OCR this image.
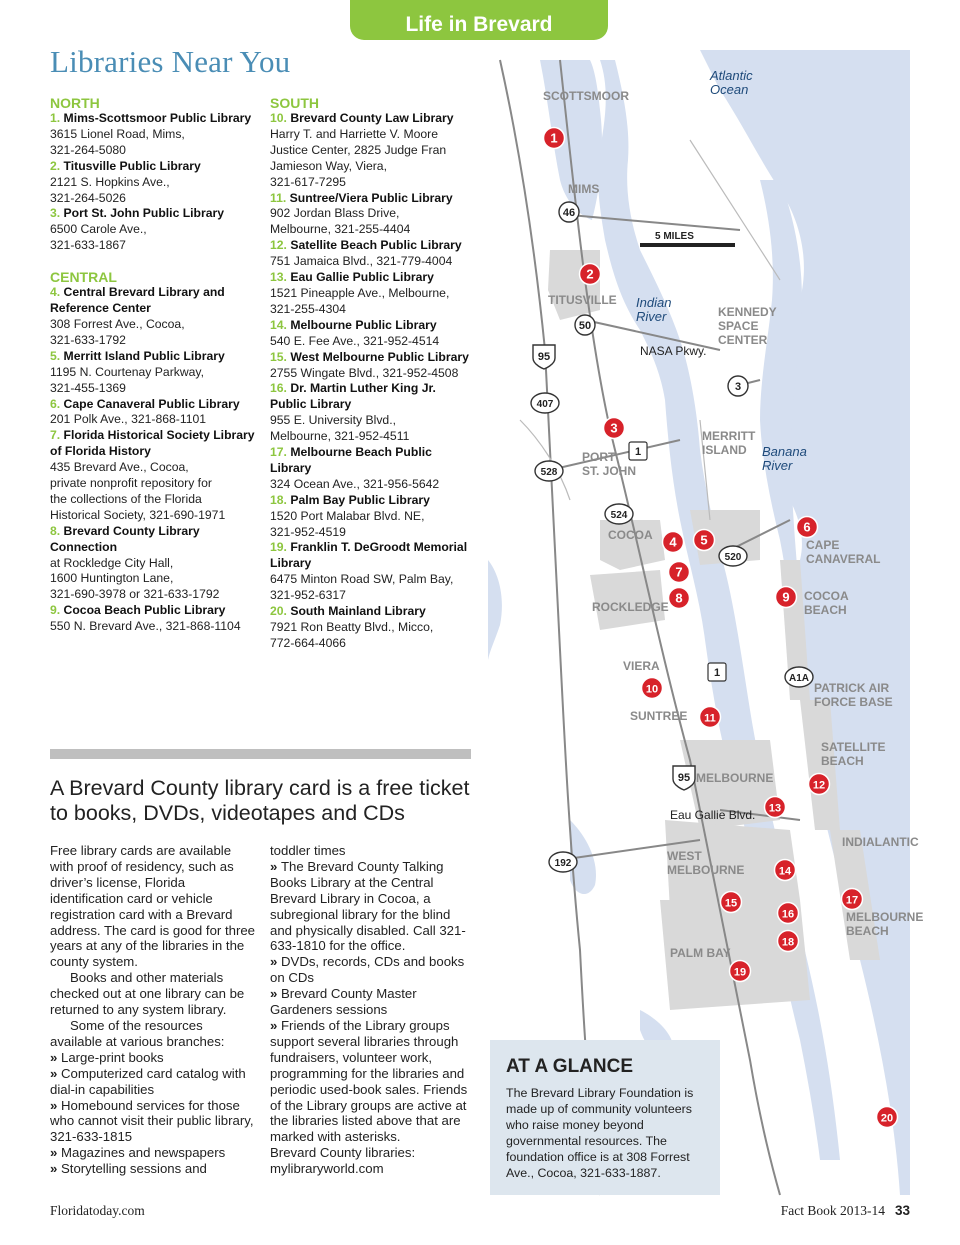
Life in Brevard
Libraries Near You
NORTH
1. Mims-Scottsmoor Public Library
3615 Lionel Road, Mims,
321-264-5080
2. Titusville Public Library
2121 S. Hopkins Ave.,
321-264-5026
3. Port St. John Public Library
6500 Carole Ave.,
321-633-1867
CENTRAL
4. Central Brevard Library and Reference Center
308 Forrest Ave., Cocoa,
321-633-1792
5. Merritt Island Public Library
1195 N. Courtenay Parkway,
321-455-1369
6. Cape Canaveral Public Library
201 Polk Ave., 321-868-1101
7. Florida Historical Society Library of Florida History
435 Brevard Ave., Cocoa,
private nonprofit repository for
the collections of the Florida
Historical Society, 321-690-1971
8. Brevard County Library Connection
at Rockledge City Hall,
1600 Huntington Lane,
321-690-3978 or 321-633-1792
9. Cocoa Beach Public Library
550 N. Brevard Ave., 321-868-1104
SOUTH
10. Brevard County Law Library
Harry T. and Harriette V. Moore
Justice Center, 2825 Judge Fran
Jamieson Way, Viera,
321-617-7295
11. Suntree/Viera Public Library
902 Jordan Blass Drive,
Melbourne, 321-255-4404
12. Satellite Beach Public Library
751 Jamaica Blvd., 321-779-4004
13. Eau Gallie Public Library
1521 Pineapple Ave., Melbourne,
321-255-4304
14. Melbourne Public Library
540 E. Fee Ave., 321-952-4514
15. West Melbourne Public Library
2755 Wingate Blvd., 321-952-4508
16. Dr. Martin Luther King Jr. Public Library
955 E. University Blvd.,
Melbourne, 321-952-4511
17. Melbourne Beach Public Library
324 Ocean Ave., 321-956-5642
18. Palm Bay Public Library
1520 Port Malabar Blvd. NE,
321-952-4519
19. Franklin T. DeGroodt Memorial Library
6475 Minton Road SW, Palm Bay,
321-952-6317
20. South Mainland Library
7921 Ron Beatty Blvd., Micco,
772-664-4066
A Brevard County library card is a free ticket to books, DVDs, videotapes and CDs
Free library cards are available with proof of residency, such as driver’s license, Florida identification card or vehicle registration card with a Brevard address. The card is good for three years at any of the libraries in the county system.
Books and other materials checked out at one library can be returned to any system library.
Some of the resources available at various branches:
» Large-print books
» Computerized card catalog with dial-in capabilities
» Homebound services for those who cannot visit their public library, 321-633-1815
» Magazines and newspapers
» Storytelling sessions and
toddler times
» The Brevard County Talking Books Library at the Central Brevard Library in Cocoa, a subregional library for the blind and physically disabled. Call 321-633-1810 for the office.
» DVDs, records, CDs and books on CDs
» Brevard County Master Gardeners sessions
» Friends of the Library groups support several libraries through fundraisers, volunteer work, programming for the libraries and periodic used-book sales. Friends of the Library groups are active at the libraries listed above that are marked with asterisks.
Brevard County libraries: mylibraryworld.com
Atlantic Ocean
SCOTTSMOOR
MIMS
5 MILES
TITUSVILLE Indian River	KENNEDY SPACE CENTER
NASA Pkwy.
MERRITT ISLAND	Banana River
PORT ST. JOHN
COCOA
CAPE CANAVERAL
ROCKLEDGE
COCOA BEACH
VIERA
PATRICK AIR FORCE BASE
SUNTREE
SATELLITE BEACH
MELBOURNE
Eau Gallie Blvd.
INDIALANTIC
WEST MELBOURNE
MELBOURNE BEACH
PALM BAY
46
50
95
407
3
1
528
524
520
1	A1A
95
192
1
2
3
4 5
6
7
8	9
10
11
12
13
14
15
16
17
18
19
20
AT A GLANCE
The Brevard Library Foundation is made up of community volunteers who raise money beyond governmental resources. The foundation office is at 308 Forrest Ave., Cocoa, 321-633-1887.
Floridatoday.com	Fact Book 2013-14 33
